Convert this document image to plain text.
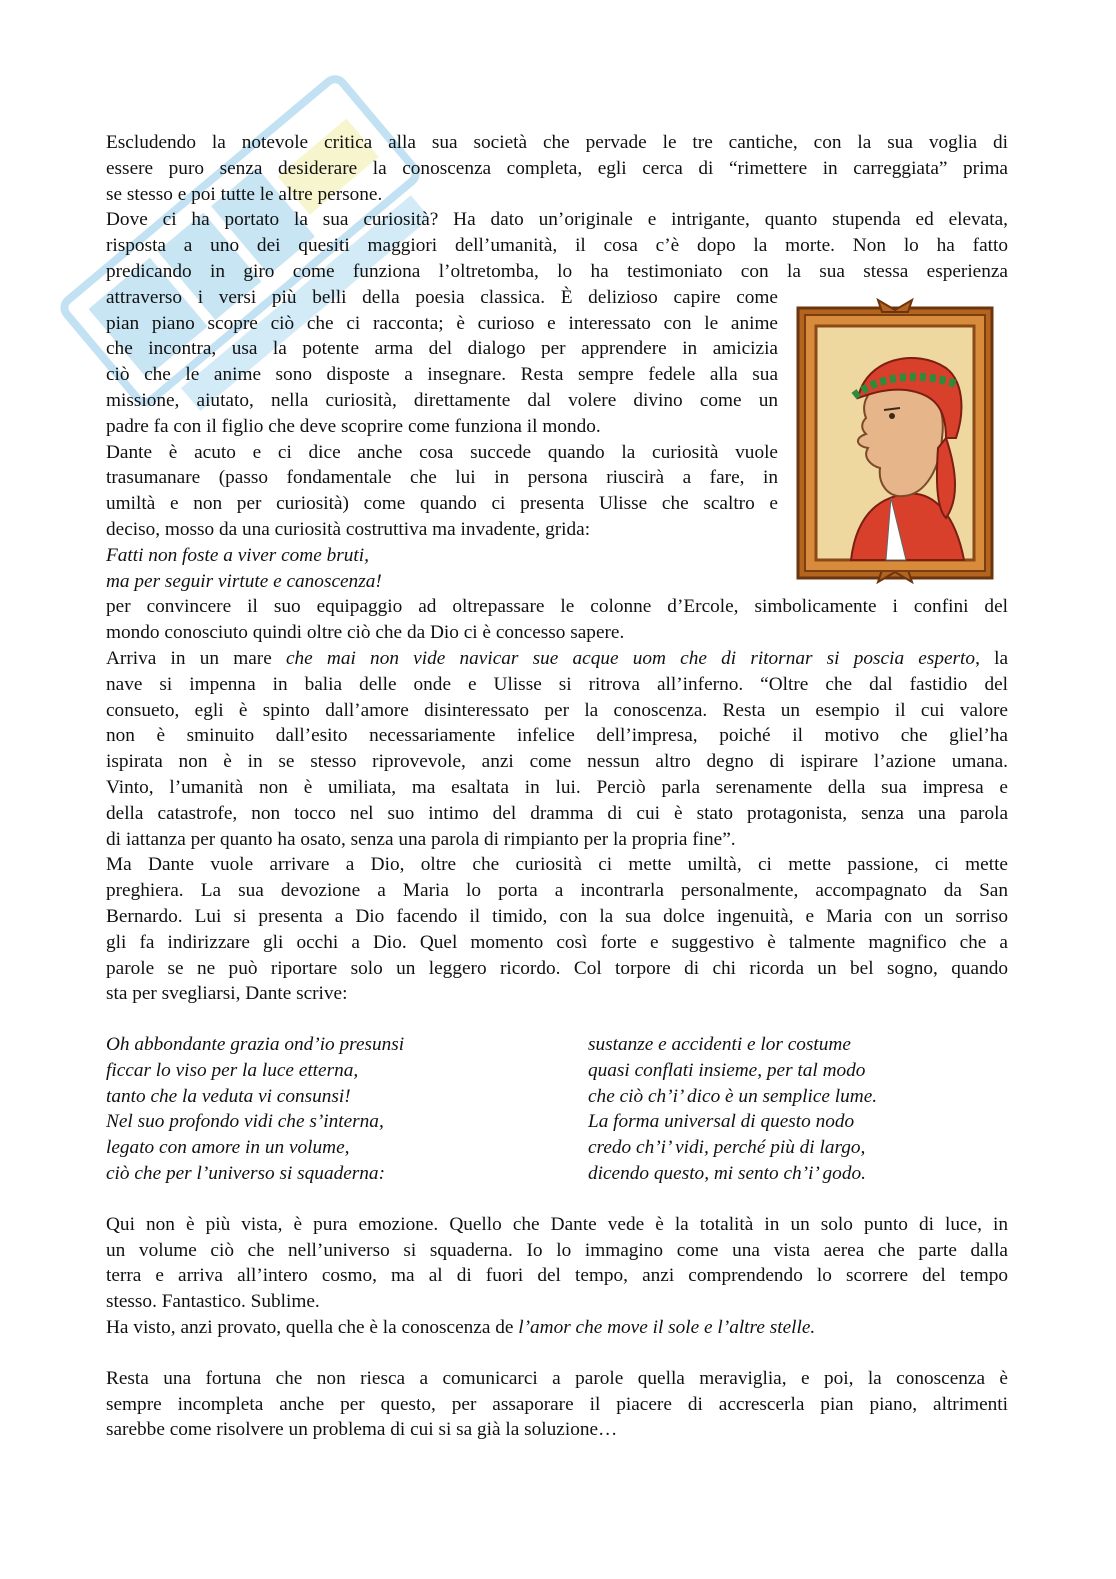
Escludendo la notevole critica alla sua società che pervade le tre cantiche, con la sua voglia di

essere puro senza desiderare la conoscenza completa, egli cerca di “rimettere in carreggiata” prima

se stesso e poi tutte le altre persone.

Dove ci ha portato la sua curiosità? Ha dato un’originale e intrigante, quanto stupenda ed elevata,

risposta a uno dei quesiti maggiori dell’umanità, il cosa c’è dopo la morte. Non lo ha fatto

predicando in giro come funziona l’oltretomba, lo ha testimoniato con la sua stessa esperienza

attraverso i versi più belli della poesia classica. È delizioso capire come

pian piano scopre ciò che ci racconta; è curioso e interessato con le anime

che incontra, usa la potente arma del dialogo per apprendere in amicizia

ciò che le anime sono disposte a insegnare. Resta sempre fedele alla sua

missione, aiutato, nella curiosità, direttamente dal volere divino come un

padre fa con il figlio che deve scoprire come funziona il mondo.

Dante è acuto e ci dice anche cosa succede quando la curiosità vuole

trasumanare (passo fondamentale che lui in persona riuscirà a fare, in

umiltà e non per curiosità) come quando ci presenta Ulisse che scaltro e

deciso, mosso da una curiosità costruttiva ma invadente, grida:

Fatti non foste a viver come bruti,

ma per seguir virtute e canoscenza!

per convincere il suo equipaggio ad oltrepassare le colonne d’Ercole, simbolicamente i confini del

mondo conosciuto quindi oltre ciò che da Dio ci è concesso sapere.

Arriva in un mare che mai non vide navicar sue acque uom che di ritornar si poscia esperto, la

nave si impenna in balia delle onde e Ulisse si ritrova all’inferno. “Oltre che dal fastidio del

consueto, egli è spinto dall’amore disinteressato per la conoscenza. Resta un esempio il cui valore

non è sminuito dall’esito necessariamente infelice dell’impresa, poiché il motivo che gliel’ha

ispirata non è in se stesso riprovevole, anzi come nessun altro degno di ispirare l’azione umana.

Vinto, l’umanità non è umiliata, ma esaltata in lui. Perciò parla serenamente della sua impresa e

della catastrofe, non tocco nel suo intimo del dramma di cui è stato protagonista, senza una parola

di iattanza per quanto ha osato, senza una parola di rimpianto per la propria fine”.

Ma Dante vuole arrivare a Dio, oltre che curiosità ci mette umiltà, ci mette passione, ci mette

preghiera. La sua devozione a Maria lo porta a incontrarla personalmente, accompagnato da San

Bernardo. Lui si presenta a Dio facendo il timido, con la sua dolce ingenuità, e Maria con un sorriso

gli fa indirizzare gli occhi a Dio. Quel momento così forte e suggestivo è talmente magnifico che a

parole se ne può riportare solo un leggero ricordo. Col torpore di chi ricorda un bel sogno, quando

sta per svegliarsi, Dante scrive:

Oh abbondante grazia ond’io presunsi

ficcar lo viso per la luce etterna,

tanto che la veduta vi consunsi!

Nel suo profondo vidi che s’interna,

legato con amore in un volume,

ciò che per l’universo si squaderna:

sustanze e accidenti e lor costume

quasi conflati insieme, per tal modo

che ciò ch’i’ dico è un semplice lume.

La forma universal di questo nodo

credo ch’i’ vidi, perché più di largo,

dicendo questo, mi sento ch’i’ godo.

Qui non è più vista, è pura emozione. Quello che Dante vede è la totalità in un solo punto di luce, in

un volume ciò che nell’universo si squaderna. Io lo immagino come una vista aerea che parte dalla

terra e arriva all’intero cosmo, ma al di fuori del tempo, anzi comprendendo lo scorrere del tempo

stesso. Fantastico. Sublime.

Ha visto, anzi provato, quella che è la conoscenza de l’amor che move il sole e l’altre stelle.

Resta una fortuna che non riesca a comunicarci a parole quella meraviglia, e poi, la conoscenza è

sempre incompleta anche per questo, per assaporare il piacere di accrescerla pian piano, altrimenti

sarebbe come risolvere un problema di cui si sa già la soluzione…
